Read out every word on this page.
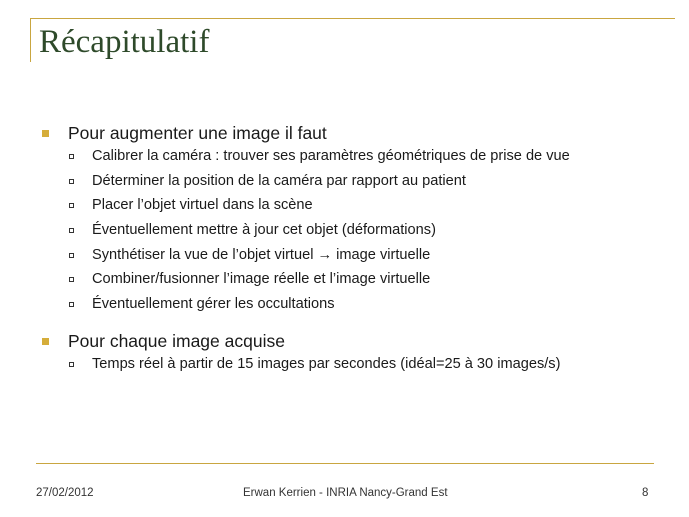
Récapitulatif
Pour augmenter une image il faut
Calibrer la caméra : trouver ses paramètres géométriques de prise de vue
Déterminer la position de la caméra par rapport au patient
Placer l’objet virtuel dans la scène
Éventuellement mettre à jour cet objet (déformations)
Synthétiser la vue de l’objet virtuel → image virtuelle
Combiner/fusionner l’image réelle et l’image virtuelle
Éventuellement gérer les occultations
Pour chaque image acquise
Temps réel à partir de 15 images par secondes (idéal=25 à 30 images/s)
27/02/2012	Erwan Kerrien - INRIA Nancy-Grand Est	8
